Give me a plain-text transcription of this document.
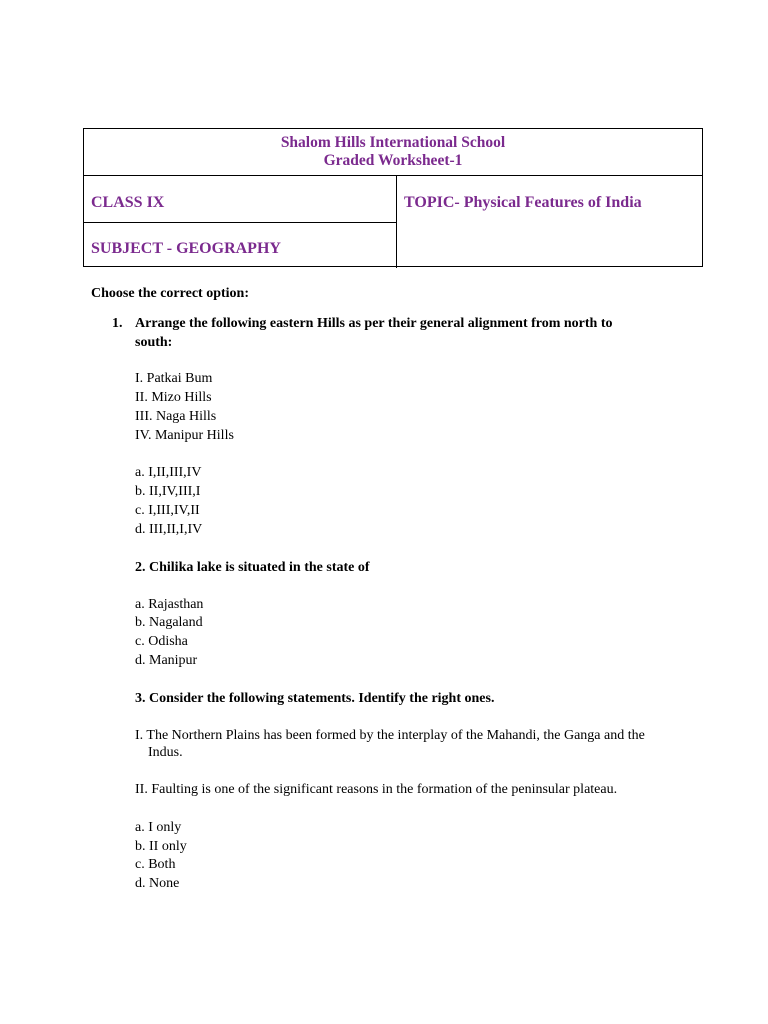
Shalom Hills International School
Graded Worksheet-1
CLASS IX	TOPIC- Physical Features of India
SUBJECT - GEOGRAPHY
Choose the correct option:
1. Arrange the following eastern Hills as per their general alignment from north to
south:
I. Patkai Bum
II. Mizo Hills
III. Naga Hills
IV. Manipur Hills
a. I,II,III,IV
b. II,IV,III,I
c. I,III,IV,II
d. III,II,I,IV
2. Chilika lake is situated in the state of
a. Rajasthan
b. Nagaland
c. Odisha
d. Manipur
3. Consider the following statements. Identify the right ones.
I. The Northern Plains has been formed by the interplay of the Mahandi, the Ganga and the
Indus.
II. Faulting is one of the significant reasons in the formation of the peninsular plateau.
a. I only
b. II only
c. Both
d. None
